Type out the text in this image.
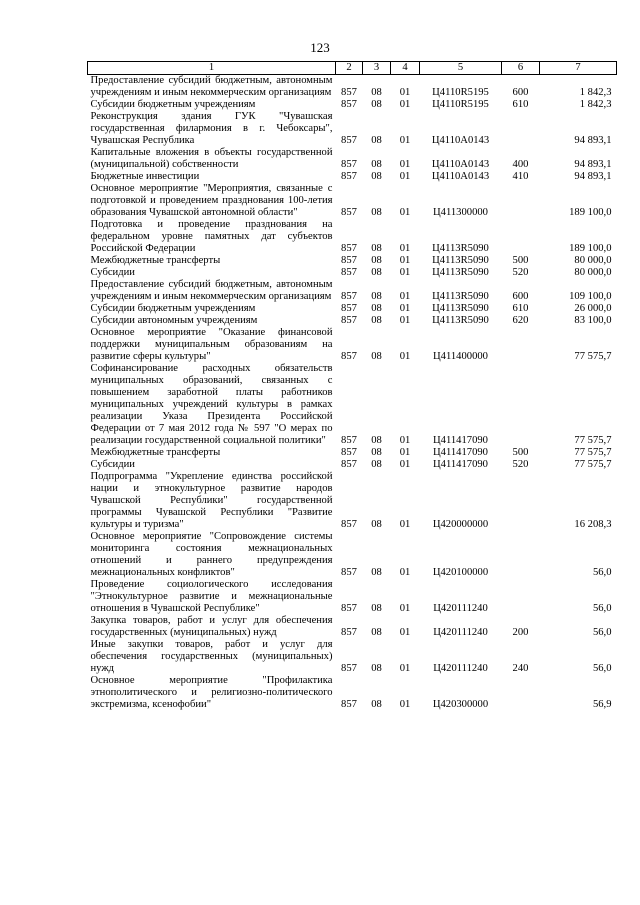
123
1	2	3	4	5	6	7
Предоставление субсидий бюджетным, автономным учреждениям и иным некоммерческим организациям	857	08	01	Ц4110R5195	600	1 842,3
Субсидии бюджетным учреждениям	857	08	01	Ц4110R5195	610	1 842,3
Реконструкция здания ГУК "Чувашская государственная филармония в г. Чебоксары", Чувашская Республика	857	08	01	Ц4110A0143		94 893,1
Капитальные вложения в объекты государственной (муниципальной) собственности	857	08	01	Ц4110A0143	400	94 893,1
Бюджетные инвестиции	857	08	01	Ц4110A0143	410	94 893,1
Основное мероприятие "Мероприятия, связанные с подготовкой и проведением празднования 100-летия образования Чувашской автономной области"	857	08	01	Ц411300000		189 100,0
Подготовка и проведение празднования на федеральном уровне памятных дат субъектов Российской Федерации	857	08	01	Ц4113R5090		189 100,0
Межбюджетные трансферты	857	08	01	Ц4113R5090	500	80 000,0
Субсидии	857	08	01	Ц4113R5090	520	80 000,0
Предоставление субсидий бюджетным, автономным учреждениям и иным некоммерческим организациям	857	08	01	Ц4113R5090	600	109 100,0
Субсидии бюджетным учреждениям	857	08	01	Ц4113R5090	610	26 000,0
Субсидии автономным учреждениям	857	08	01	Ц4113R5090	620	83 100,0
Основное мероприятие "Оказание финансовой поддержки муниципальным образованиям на развитие сферы культуры"	857	08	01	Ц411400000		77 575,7
Софинансирование расходных обязательств муниципальных образований, связанных с повышением заработной платы работников муниципальных учреждений культуры в рамках реализации Указа Президента Российской Федерации от 7 мая 2012 года № 597 "О мерах по реализации государственной социальной политики"	857	08	01	Ц411417090		77 575,7
Межбюджетные трансферты	857	08	01	Ц411417090	500	77 575,7
Субсидии	857	08	01	Ц411417090	520	77 575,7
Подпрограмма "Укрепление единства российской нации и этнокультурное развитие народов Чувашской Республики" государственной программы Чувашской Республики "Развитие культуры и туризма"	857	08	01	Ц420000000		16 208,3
Основное мероприятие "Сопровождение системы мониторинга состояния межнациональных отношений и раннего предупреждения межнациональных конфликтов"	857	08	01	Ц420100000		56,0
Проведение социологического исследования "Этнокультурное развитие и межнациональные отношения в Чувашской Республике"	857	08	01	Ц420111240		56,0
Закупка товаров, работ и услуг для обеспечения государственных (муниципальных) нужд	857	08	01	Ц420111240	200	56,0
Иные закупки товаров, работ и услуг для обеспечения государственных (муниципальных) нужд	857	08	01	Ц420111240	240	56,0
Основное мероприятие "Профилактика этнополитического и религиозно-политического экстремизма, ксенофобии"	857	08	01	Ц420300000		56,9
